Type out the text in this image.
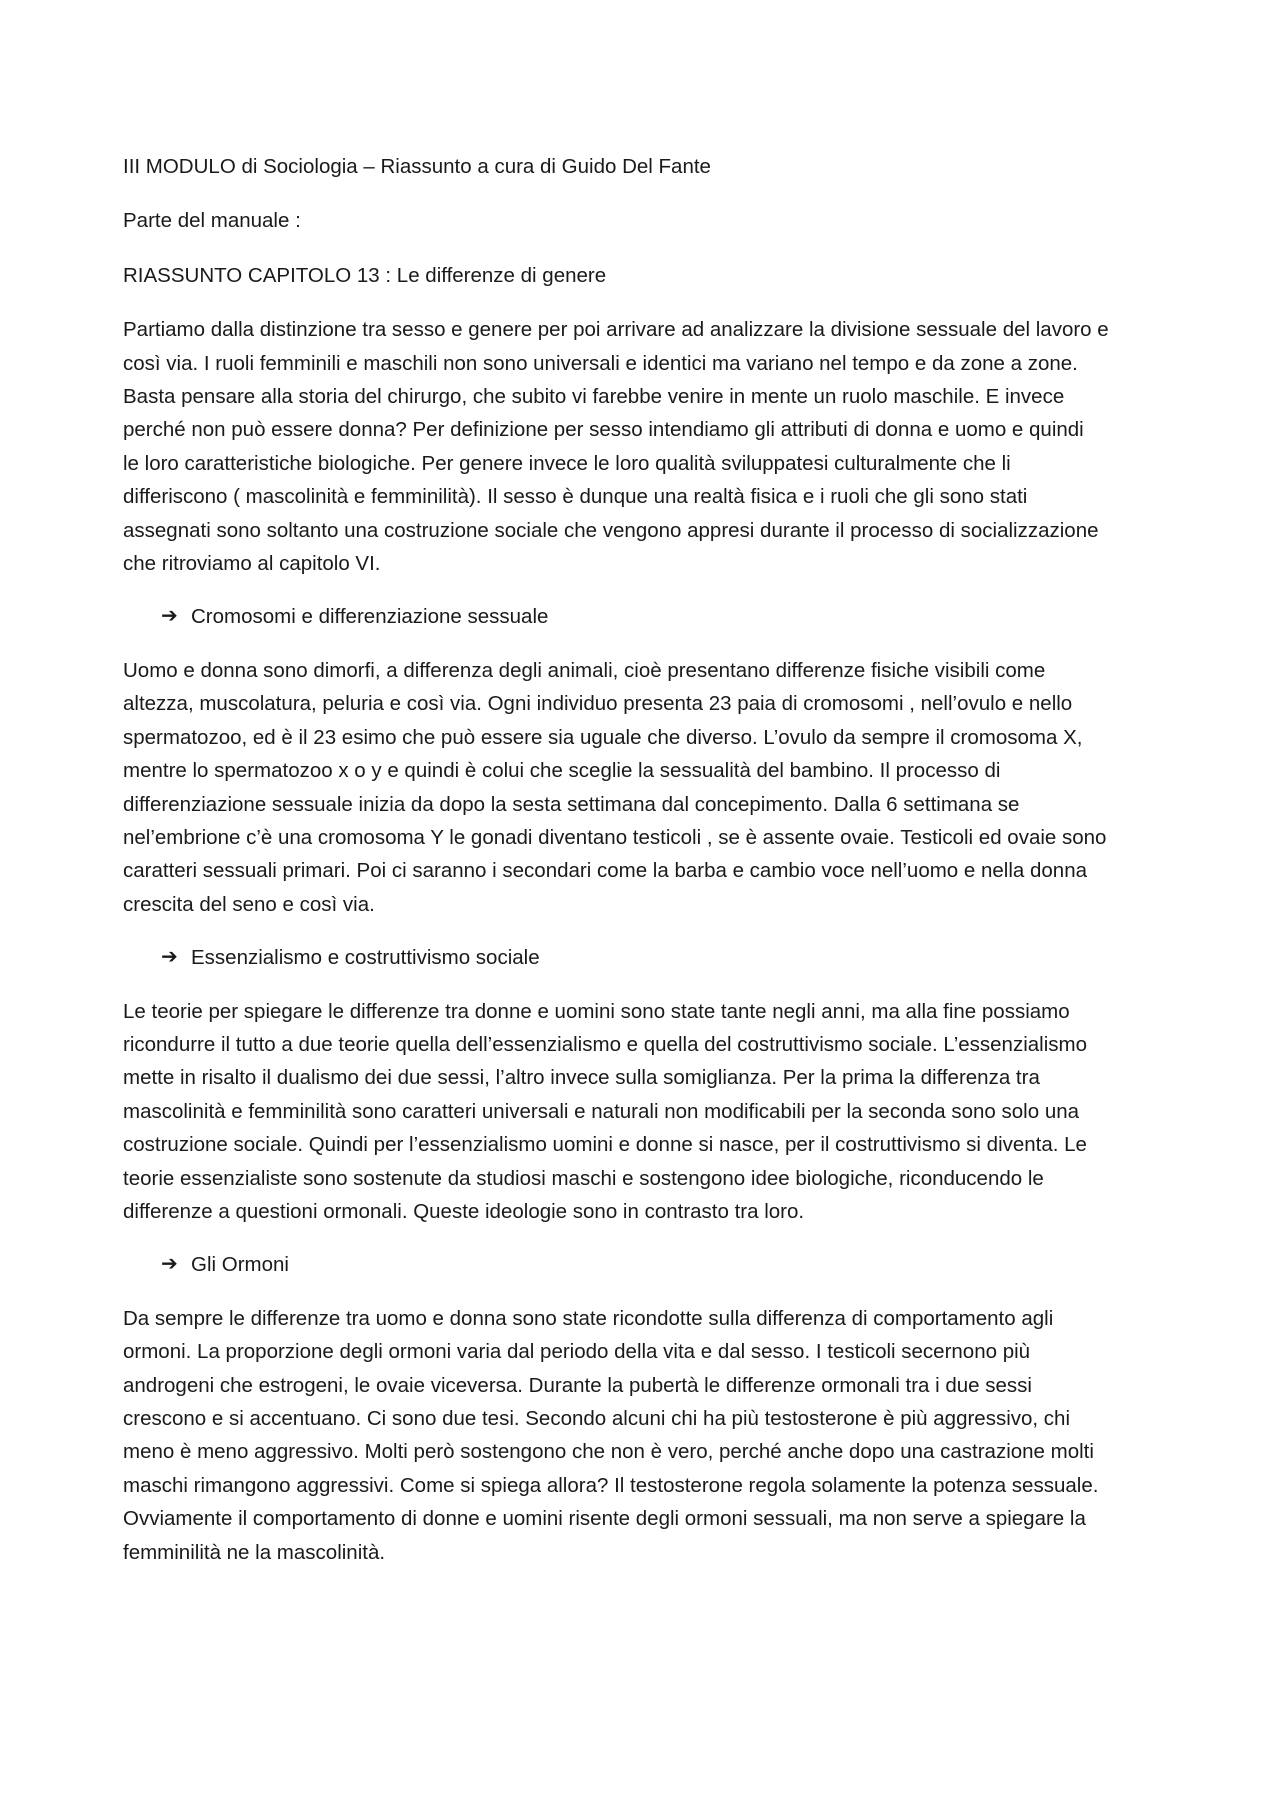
III MODULO di Sociologia – Riassunto a cura di Guido Del Fante

Parte del manuale :

RIASSUNTO CAPITOLO 13 : Le differenze di genere

Partiamo dalla distinzione tra sesso e genere per poi arrivare ad analizzare la divisione sessuale del lavoro e
così via. I ruoli femminili e maschili non sono universali e identici ma variano nel tempo e da zone a zone.
Basta pensare alla storia del chirurgo, che subito vi farebbe venire in mente un ruolo maschile. E invece
perché non può essere donna? Per definizione per sesso intendiamo gli attributi di donna e uomo e quindi
le loro caratteristiche biologiche. Per genere invece le loro qualità sviluppatesi culturalmente che li
differiscono ( mascolinità e femminilità). Il sesso è dunque una realtà fisica e i ruoli che gli sono stati
assegnati sono soltanto una costruzione sociale che vengono appresi durante il processo di socializzazione
che ritroviamo al capitolo VI.

➔ Cromosomi e differenziazione sessuale

Uomo e donna sono dimorfi, a differenza degli animali, cioè presentano differenze fisiche visibili come
altezza, muscolatura, peluria e così via. Ogni individuo presenta 23 paia di cromosomi , nell’ovulo e nello
spermatozoo, ed è il 23 esimo che può essere sia uguale che diverso. L’ovulo da sempre il cromosoma X,
mentre lo spermatozoo x o y e quindi è colui che sceglie la sessualità del bambino. Il processo di
differenziazione sessuale inizia da dopo la sesta settimana dal concepimento. Dalla 6 settimana se
nel’embrione c’è una cromosoma Y le gonadi diventano testicoli , se è assente ovaie. Testicoli ed ovaie sono
caratteri sessuali primari. Poi ci saranno i secondari come la barba e cambio voce nell’uomo e nella donna
crescita del seno e così via.

➔ Essenzialismo e costruttivismo sociale

Le teorie per spiegare le differenze tra donne e uomini sono state tante negli anni, ma alla fine possiamo
ricondurre il tutto a due teorie quella dell’essenzialismo e quella del costruttivismo sociale. L’essenzialismo
mette in risalto il dualismo dei due sessi, l’altro invece sulla somiglianza. Per la prima la differenza tra
mascolinità e femminilità sono caratteri universali e naturali non modificabili per la seconda sono solo una
costruzione sociale. Quindi per l’essenzialismo uomini e donne si nasce, per il costruttivismo si diventa. Le
teorie essenzialiste sono sostenute da studiosi maschi e sostengono idee biologiche, riconducendo le
differenze a questioni ormonali. Queste ideologie sono in contrasto tra loro.

➔ Gli Ormoni

Da sempre le differenze tra uomo e donna sono state ricondotte sulla differenza di comportamento agli
ormoni. La proporzione degli ormoni varia dal periodo della vita e dal sesso. I testicoli secernono più
androgeni che estrogeni, le ovaie viceversa. Durante la pubertà le differenze ormonali tra i due sessi
crescono e si accentuano. Ci sono due tesi. Secondo alcuni chi ha più testosterone è più aggressivo, chi
meno è meno aggressivo. Molti però sostengono che non è vero, perché anche dopo una castrazione molti
maschi rimangono aggressivi. Come si spiega allora? Il testosterone regola solamente la potenza sessuale.
Ovviamente il comportamento di donne e uomini risente degli ormoni sessuali, ma non serve a spiegare la
femminilità ne la mascolinità.
